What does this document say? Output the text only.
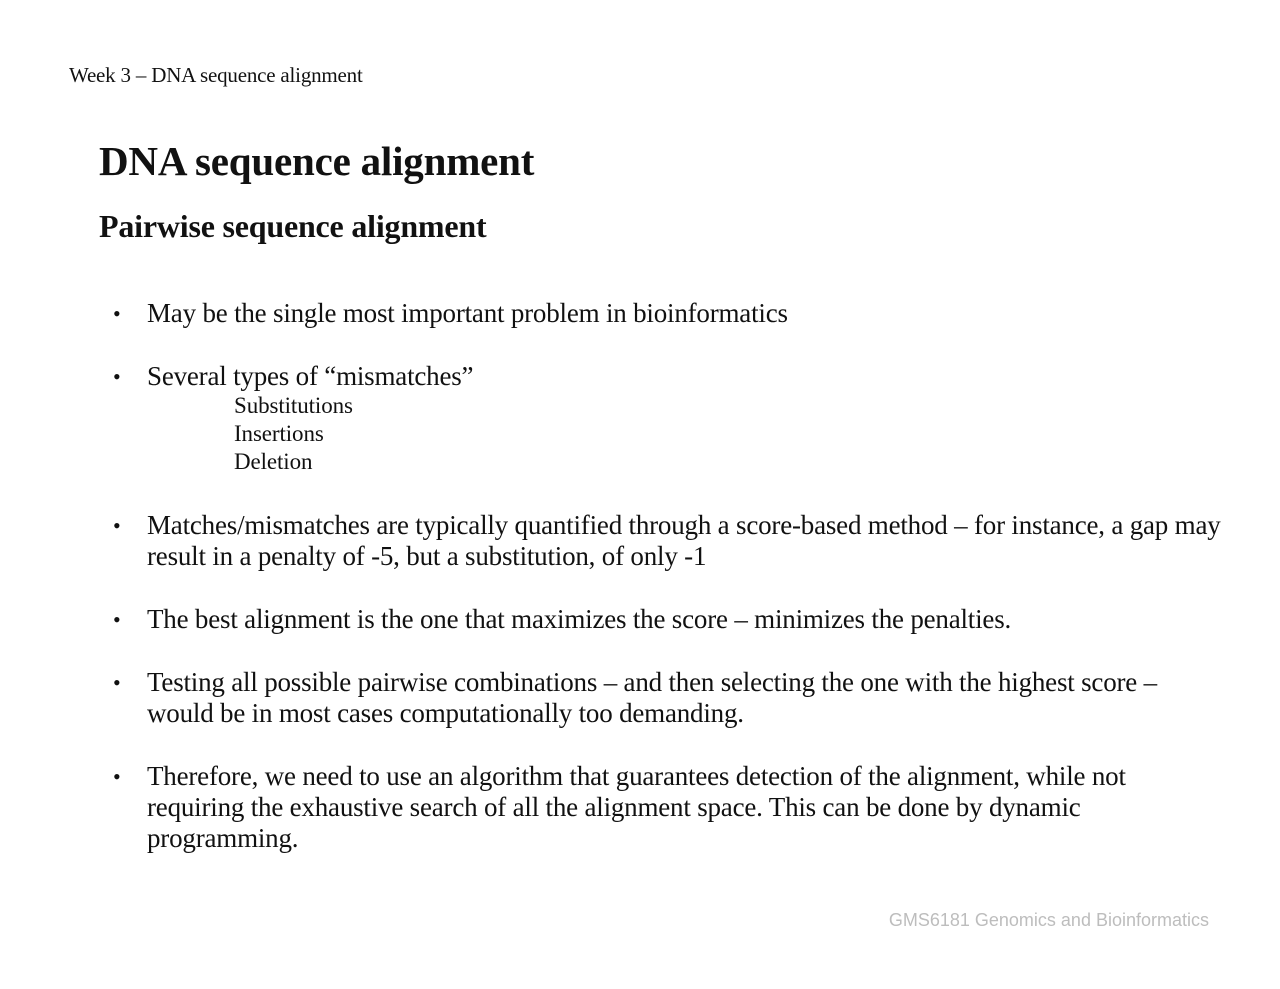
Week 3 – DNA sequence alignment
DNA sequence alignment
Pairwise sequence alignment
• May be the single most important problem in bioinformatics
• Several types of “mismatches”
Substitutions
Insertions
Deletion
• Matches/mismatches are typically quantified through a score-based method – for instance, a gap may result in a penalty of -5, but a substitution, of only -1
• The best alignment is the one that maximizes the score – minimizes the penalties.
• Testing all possible pairwise combinations – and then selecting the one with the highest score – would be in most cases computationally too demanding.
• Therefore, we need to use an algorithm that guarantees detection of the alignment, while not requiring the exhaustive search of all the alignment space. This can be done by dynamic programming.
GMS6181 Genomics and Bioinformatics
